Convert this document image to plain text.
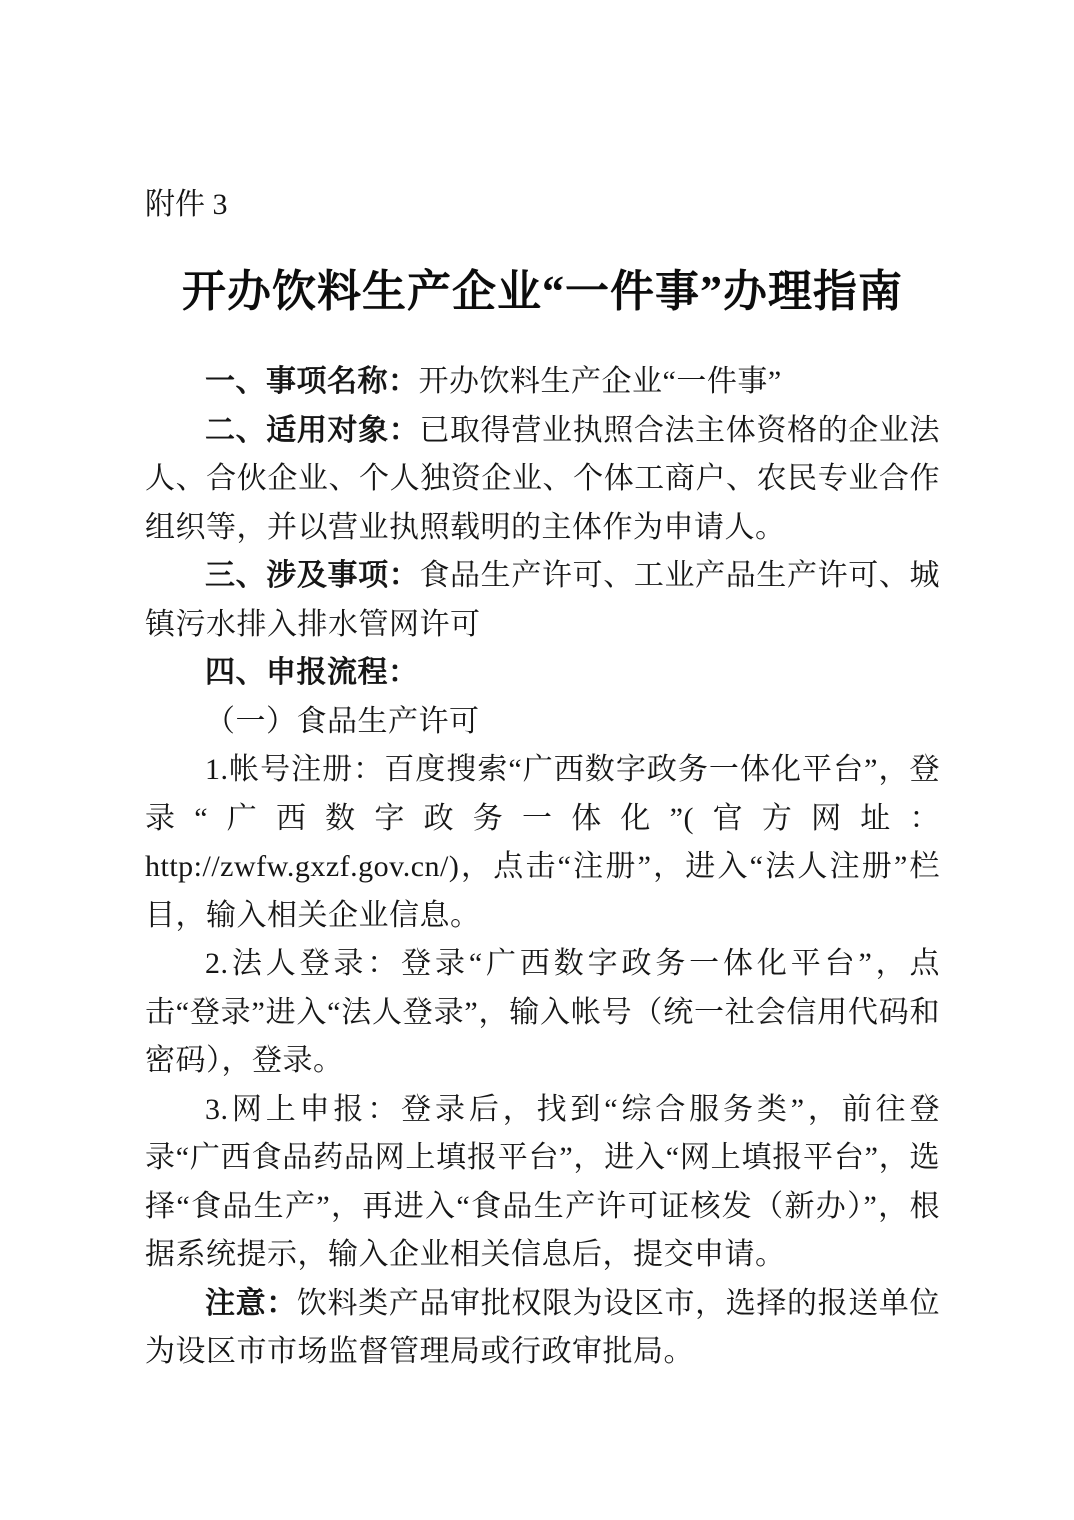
附件 3
开办饮料生产企业“一件事”办理指南

一、事项名称：开办饮料生产企业“一件事”

二、适用对象：已取得营业执照合法主体资格的企业法人、合伙企业、个人独资企业、个体工商户、农民专业合作组织等，并以营业执照载明的主体作为申请人。

三、涉及事项：食品生产许可、工业产品生产许可、城镇污水排入排水管网许可

四、申报流程：

（一）食品生产许可

1.帐号注册：百度搜索“广西数字政务一体化平台”，登录“广西数字政务一体化”(官方网址：http://zwfw.gxzf.gov.cn/)，点击“注册”，进入“法人注册”栏目，输入相关企业信息。

2.法人登录：登录“广西数字政务一体化平台”，点击“登录”进入“法人登录”，输入帐号（统一社会信用代码和密码），登录。

3.网上申报：登录后，找到“综合服务类”，前往登录“广西食品药品网上填报平台”，进入“网上填报平台”，选择“食品生产”，再进入“食品生产许可证核发（新办）”，根据系统提示，输入企业相关信息后，提交申请。

注意：饮料类产品审批权限为设区市，选择的报送单位为设区市市场监督管理局或行政审批局。
